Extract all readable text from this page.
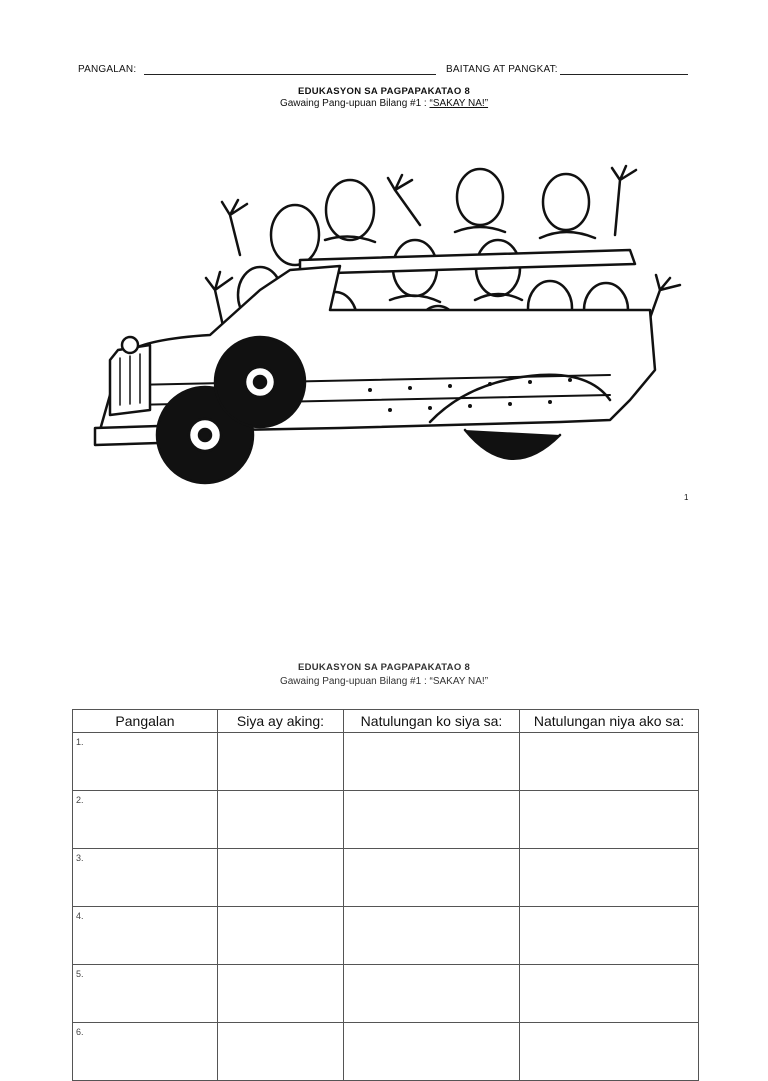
PANGALAN:	BAITANG AT PANGKAT:
EDUKASYON SA PAGPAPAKATAO 8
Gawaing Pang-upuan Bilang #1 : “SAKAY NA!”
1
EDUKASYON SA PAGPAPAKATAO 8
Gawaing Pang-upuan Bilang #1 : “SAKAY NA!”
Pangalan	Siya ay aking:	Natulungan ko siya sa:	Natulungan niya ako sa:
1.			
2.			
3.			
4.			
5.			
6.			
